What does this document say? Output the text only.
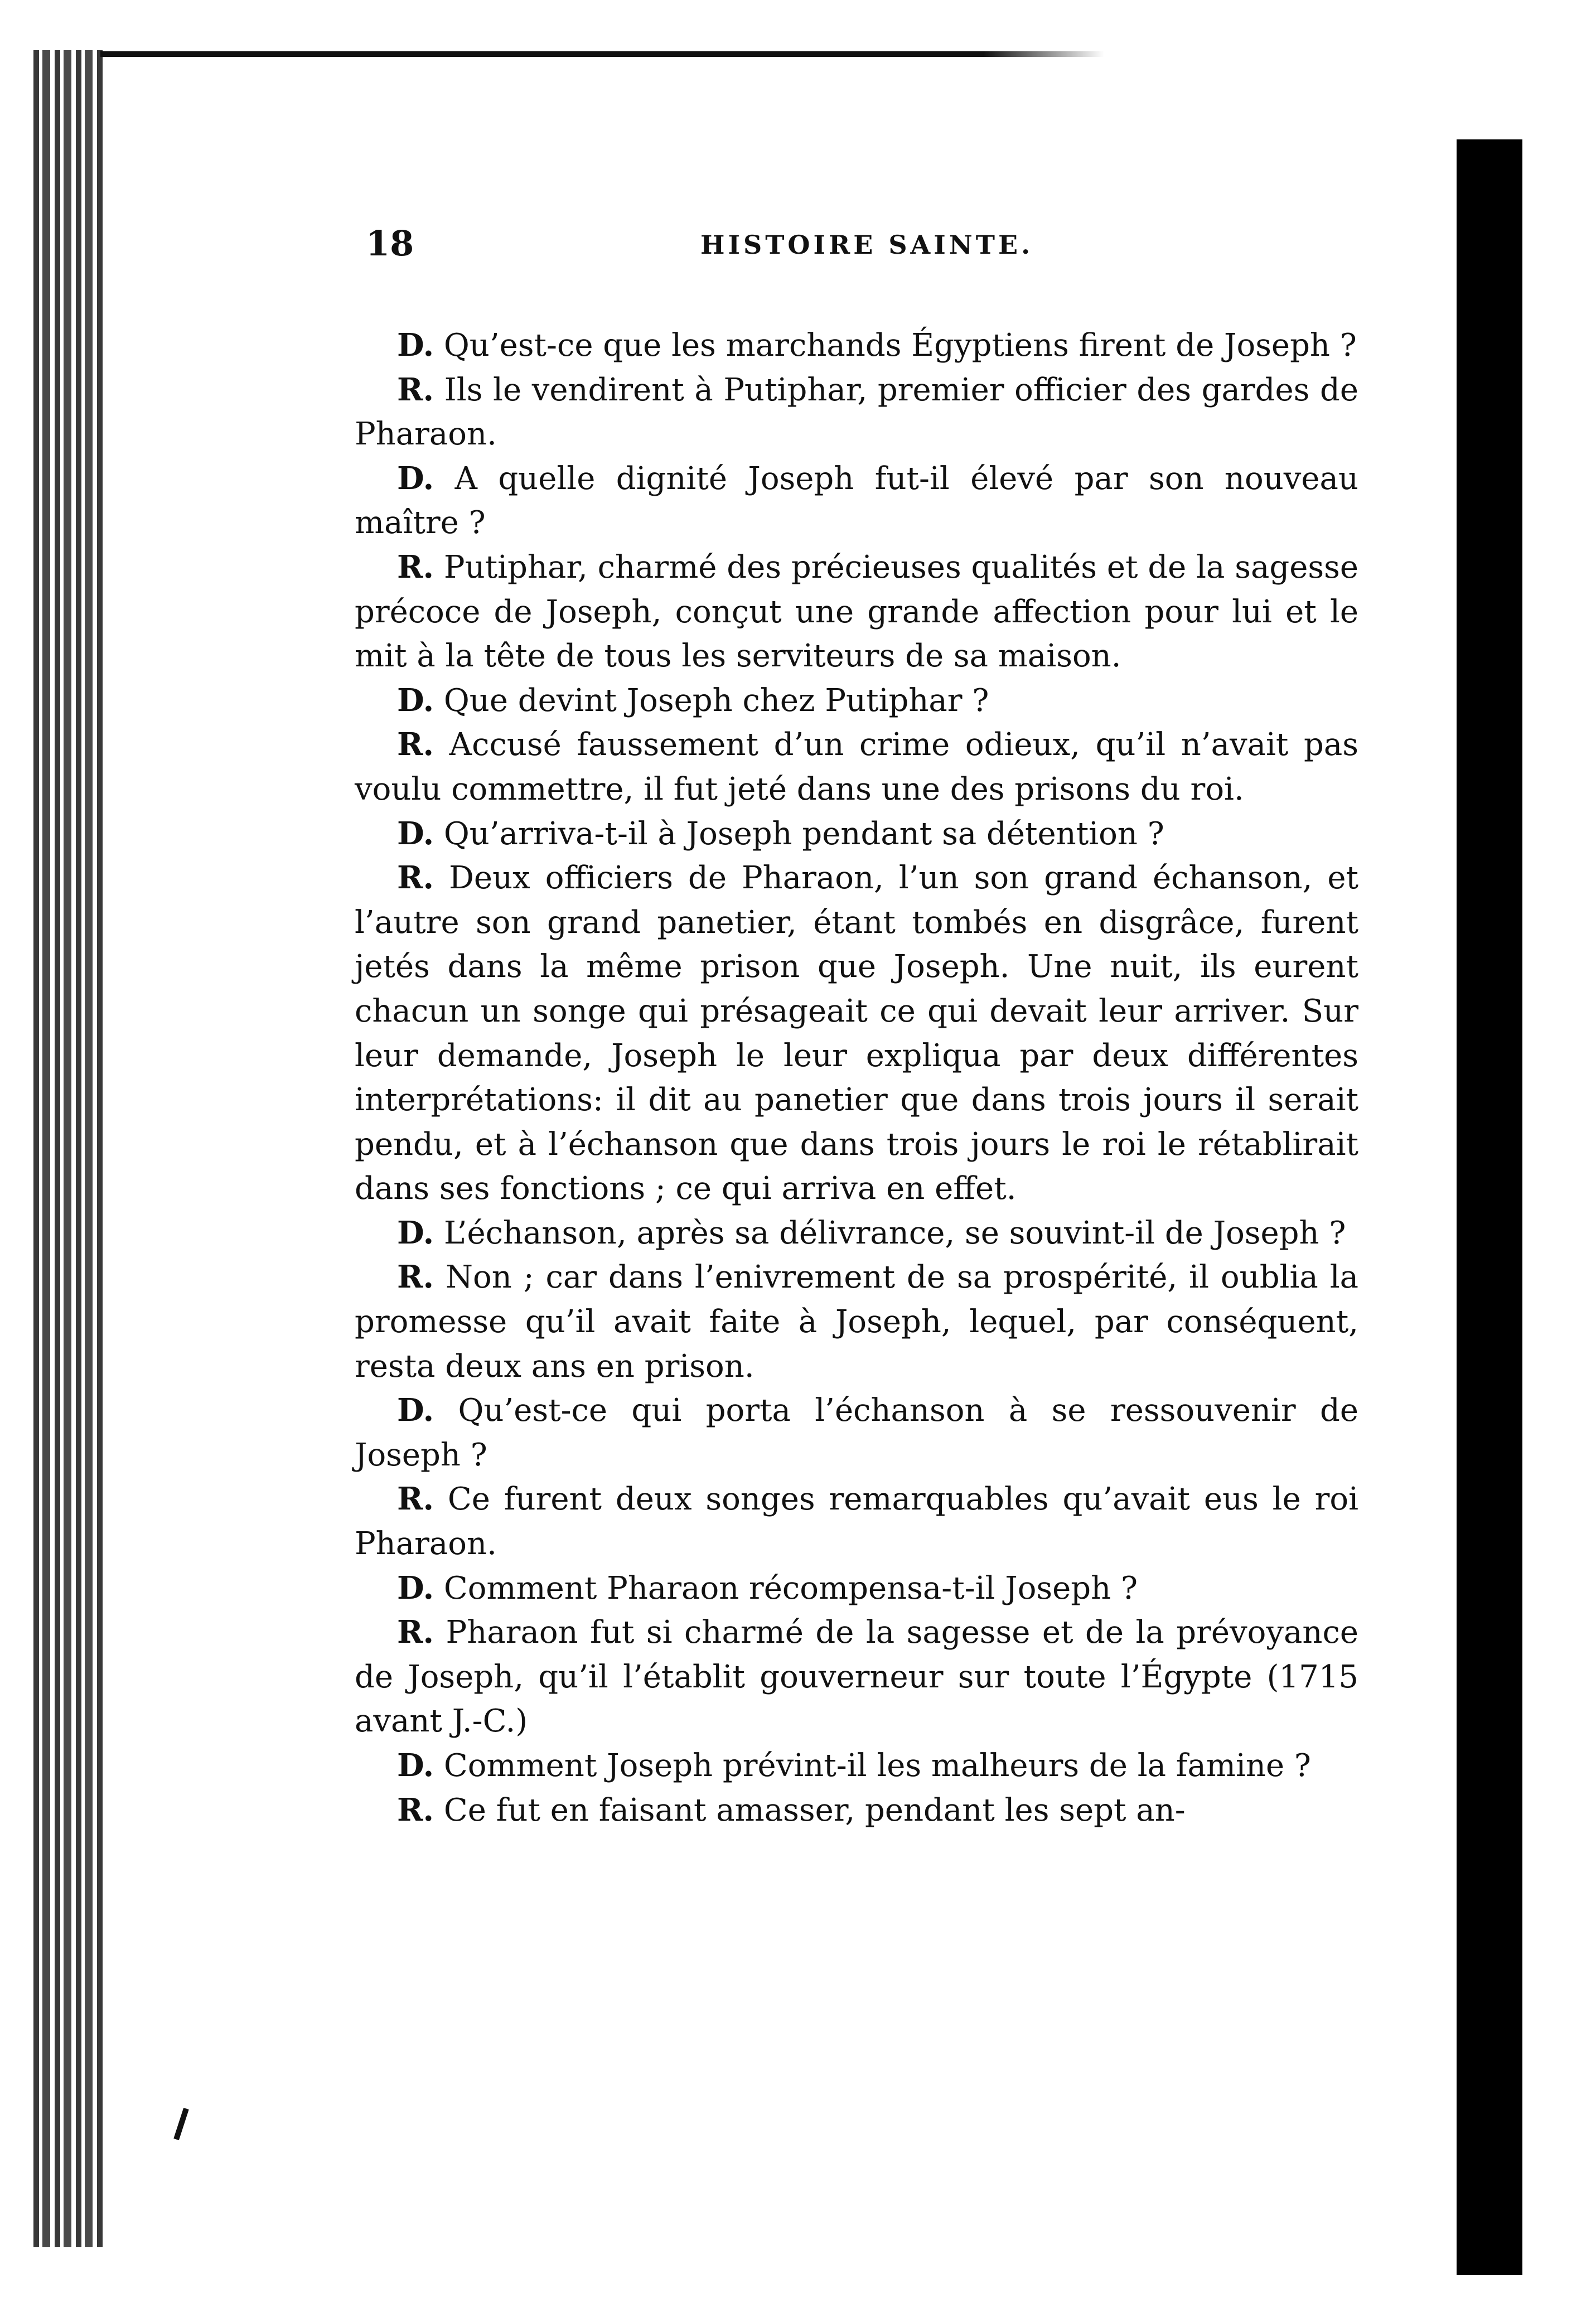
18	HISTOIRE SAINTE.

D. Qu’est-ce que les marchands Égyptiens firent de Joseph ?

R. Ils le vendirent à Putiphar, premier officier des gardes de Pharaon.

D. A quelle dignité Joseph fut-il élevé par son nouveau maître ?

R. Putiphar, charmé des précieuses qualités et de la sagesse précoce de Joseph, conçut une grande affection pour lui et le mit à la tête de tous les serviteurs de sa maison.

D. Que devint Joseph chez Putiphar ?

R. Accusé faussement d’un crime odieux, qu’il n’avait pas voulu commettre, il fut jeté dans une des prisons du roi.

D. Qu’arriva-t-il à Joseph pendant sa détention ?

R. Deux officiers de Pharaon, l’un son grand échanson, et l’autre son grand panetier, étant tombés en disgrâce, furent jetés dans la même prison que Joseph. Une nuit, ils eurent chacun un songe qui présageait ce qui devait leur arriver. Sur leur demande, Joseph le leur expliqua par deux différentes interprétations: il dit au panetier que dans trois jours il serait pendu, et à l’échanson que dans trois jours le roi le rétablirait dans ses fonctions ; ce qui arriva en effet.

D. L’échanson, après sa délivrance, se souvint-il de Joseph ?

R. Non ; car dans l’enivrement de sa prospérité, il oublia la promesse qu’il avait faite à Joseph, lequel, par conséquent, resta deux ans en prison.

D. Qu’est-ce qui porta l’échanson à se ressouvenir de Joseph ?

R. Ce furent deux songes remarquables qu’avait eus le roi Pharaon.

D. Comment Pharaon récompensa-t-il Joseph ?

R. Pharaon fut si charmé de la sagesse et de la prévoyance de Joseph, qu’il l’établit gouverneur sur toute l’Égypte (1715 avant J.-C.)

D. Comment Joseph prévint-il les malheurs de la famine ?

R. Ce fut en faisant amasser, pendant les sept an-
